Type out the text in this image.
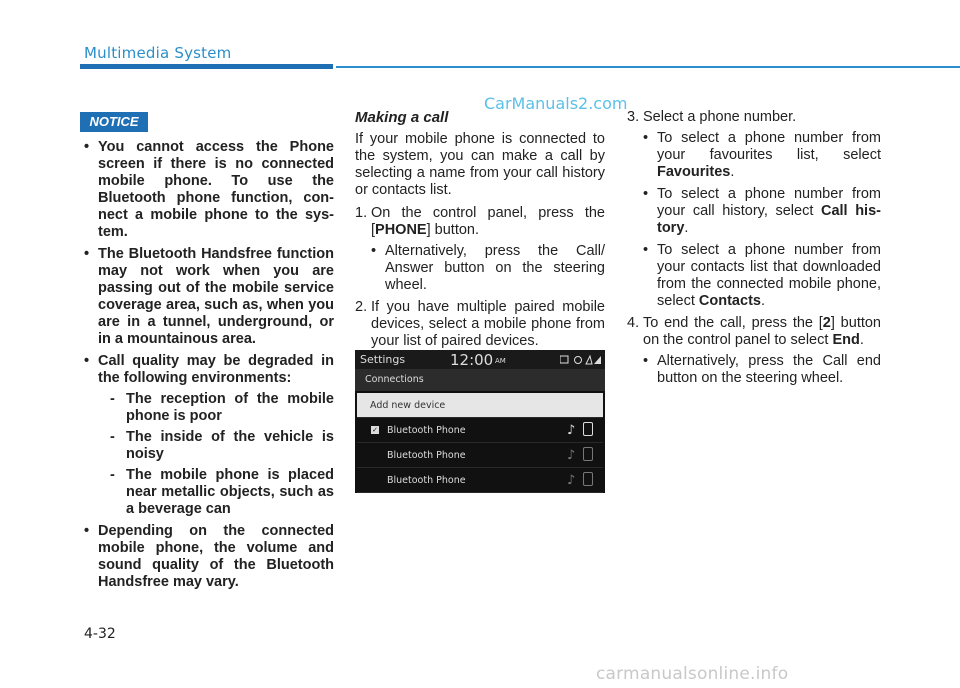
Multimedia System
CarManuals2.com
NOTICE
• You cannot access the Phone screen if there is no connected mobile phone. To use the Bluetooth phone function, connect a mobile phone to the system.
• The Bluetooth Handsfree function may not work when you are passing out of the mobile service coverage area, such as, when you are in a tunnel, underground, or in a mountainous area.
• Call quality may be degraded in the following environments:
- The reception of the mobile phone is poor
- The inside of the vehicle is noisy
- The mobile phone is placed near metallic objects, such as a beverage can
• Depending on the connected mobile phone, the volume and sound quality of the Bluetooth Handsfree may vary.
Making a call
If your mobile phone is connected to the system, you can make a call by selecting a name from your call history or contacts list.
1. On the control panel, press the [PHONE] button.
• Alternatively, press the Call/ Answer button on the steering wheel.
2. If you have multiple paired mobile devices, select a mobile phone from your list of paired devices.
Settings	12:00 AM
Connections
Add new device
✓ Bluetooth Phone	♪
Bluetooth Phone	♪
Bluetooth Phone	♪
3. Select a phone number.
• To select a phone number from your favourites list, select Favourites.
• To select a phone number from your call history, select Call history.
• To select a phone number from your contacts list that downloaded from the connected mobile phone, select Contacts.
4. To end the call, press the [2] button on the control panel to select End.
• Alternatively, press the Call end button on the steering wheel.
4-32
carmanualsonline.info
